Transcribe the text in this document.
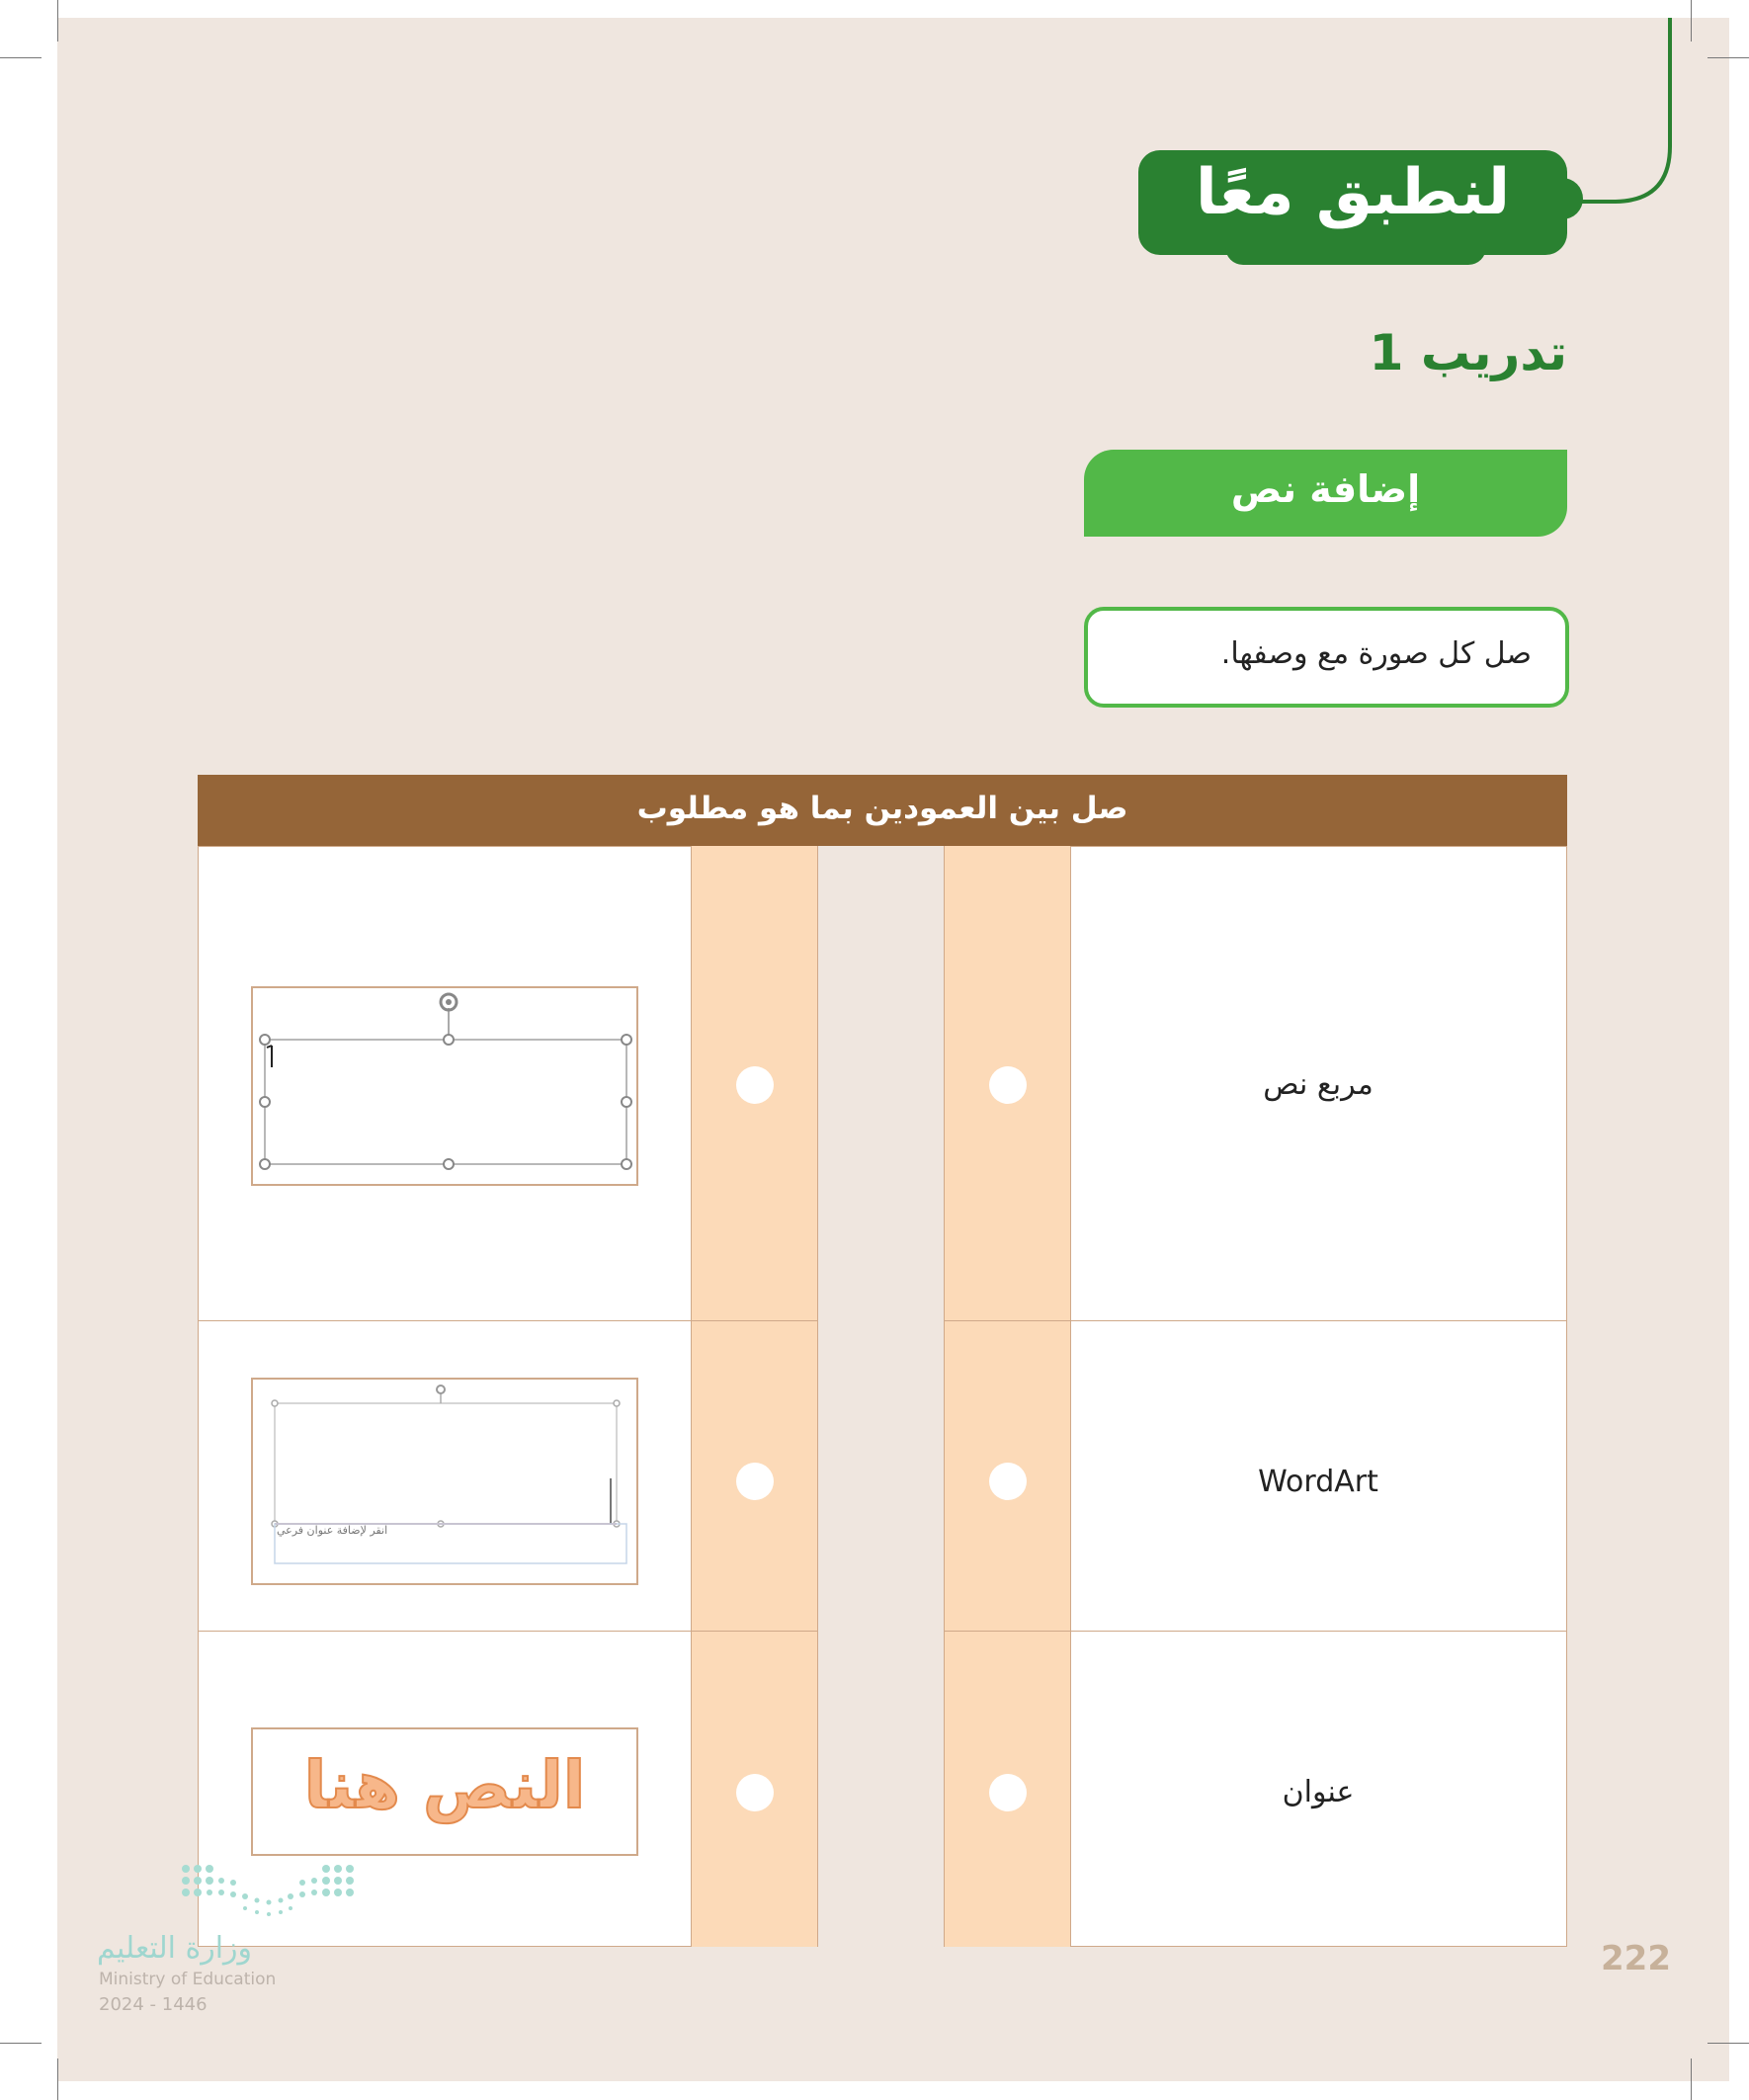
لنطبق معًا
تدريب 1
إضافة نص
صل كل صورة مع وصفها.
صل بين العمودين بما هو مطلوب
مربع نص
WordArt
عنوان
انقر لإضافة عنوان فرعي
النص هنا
وزارة التعليم
Ministry of Education
2024 - 1446
222
